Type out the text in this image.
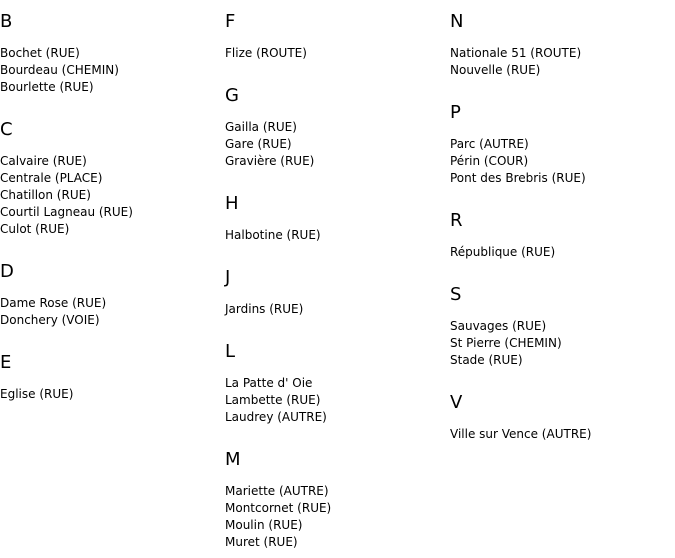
B
Bochet (RUE)
Bourdeau (CHEMIN)
Bourlette (RUE)
C
Calvaire (RUE)
Centrale (PLACE)
Chatillon (RUE)
Courtil Lagneau (RUE)
Culot (RUE)
D
Dame Rose (RUE)
Donchery (VOIE)
E
Eglise (RUE)
F
Flize (ROUTE)
G
Gailla (RUE)
Gare (RUE)
Gravière (RUE)
H
Halbotine (RUE)
J
Jardins (RUE)
L
La Patte d' Oie
Lambette (RUE)
Laudrey (AUTRE)
M
Mariette (AUTRE)
Montcornet (RUE)
Moulin (RUE)
Muret (RUE)
N
Nationale 51 (ROUTE)
Nouvelle (RUE)
P
Parc (AUTRE)
Périn (COUR)
Pont des Brebris (RUE)
R
République (RUE)
S
Sauvages (RUE)
St Pierre (CHEMIN)
Stade (RUE)
V
Ville sur Vence (AUTRE)
